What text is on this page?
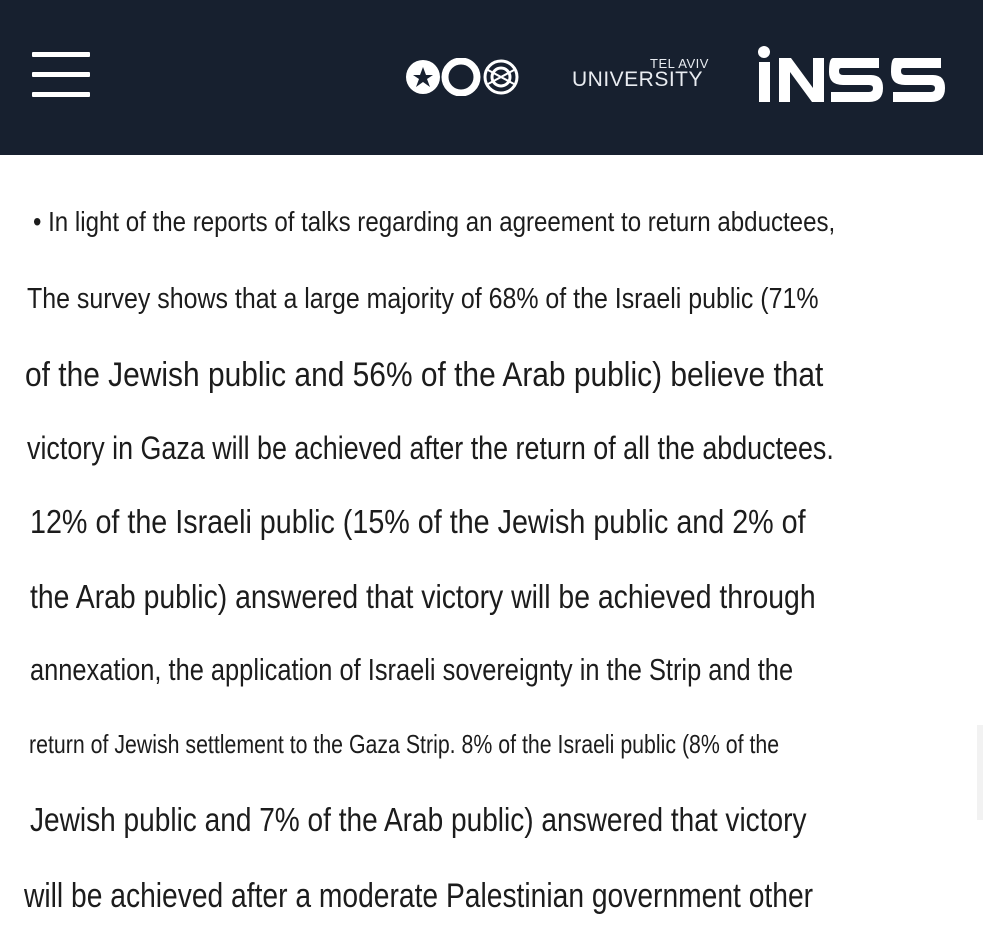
TEL AVIV
UNIVERSITY
• In light of the reports of talks regarding an agreement to return abductees,
The survey shows that a large majority of 68% of the Israeli public (71%
of the Jewish public and 56% of the Arab public) believe that
victory in Gaza will be achieved after the return of all the abductees.
12% of the Israeli public (15% of the Jewish public and 2% of
the Arab public) answered that victory will be achieved through
annexation, the application of Israeli sovereignty in the Strip and the
return of Jewish settlement to the Gaza Strip. 8% of the Israeli public (8% of the
Jewish public and 7% of the Arab public) answered that victory
will be achieved after a moderate Palestinian government other
